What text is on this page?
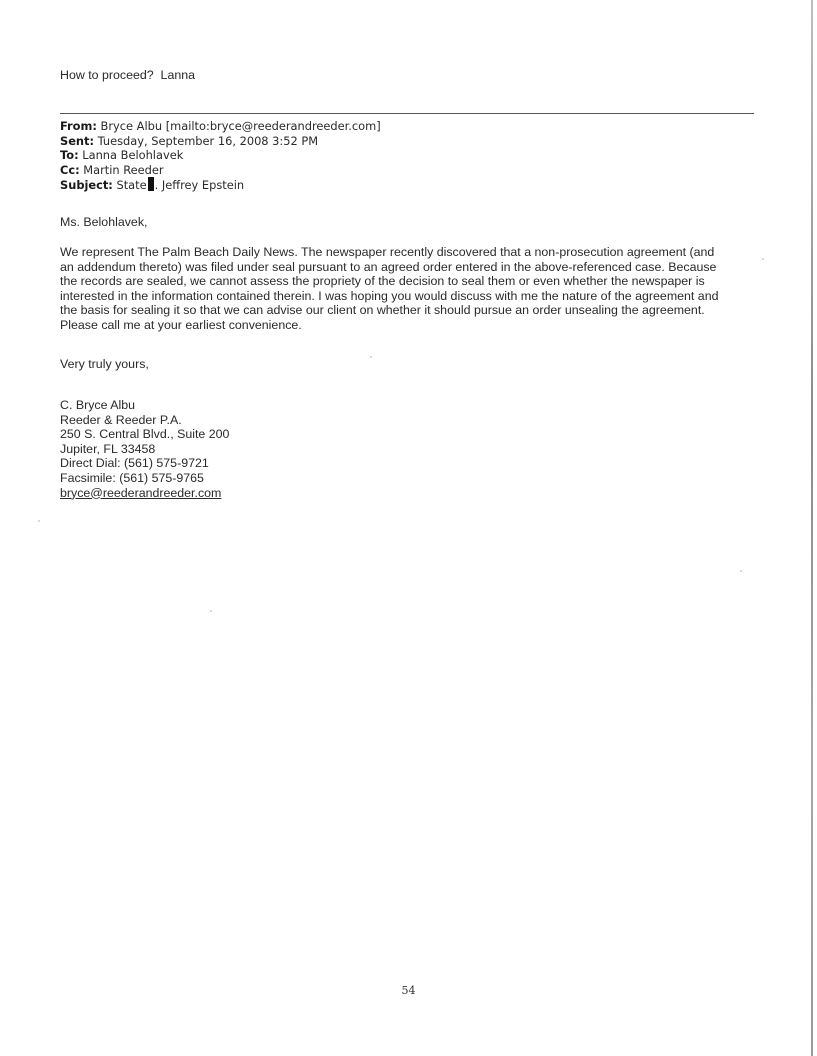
How to proceed?  Lanna
From: Bryce Albu [mailto:bryce@reederandreeder.com]
Sent: Tuesday, September 16, 2008 3:52 PM
To: Lanna Belohlavek
Cc: Martin Reeder
Subject: State . Jeffrey Epstein
Ms. Belohlavek,
We represent The Palm Beach Daily News. The newspaper recently discovered that a non-prosecution agreement (and
an addendum thereto) was filed under seal pursuant to an agreed order entered in the above-referenced case. Because
the records are sealed, we cannot assess the propriety of the decision to seal them or even whether the newspaper is
interested in the information contained therein. I was hoping you would discuss with me the nature of the agreement and
the basis for sealing it so that we can advise our client on whether it should pursue an order unsealing the agreement.
Please call me at your earliest convenience.
Very truly yours,
C. Bryce Albu
Reeder & Reeder P.A.
250 S. Central Blvd., Suite 200
Jupiter, FL 33458
Direct Dial: (561) 575-9721
Facsimile: (561) 575-9765
bryce@reederandreeder.com
54
